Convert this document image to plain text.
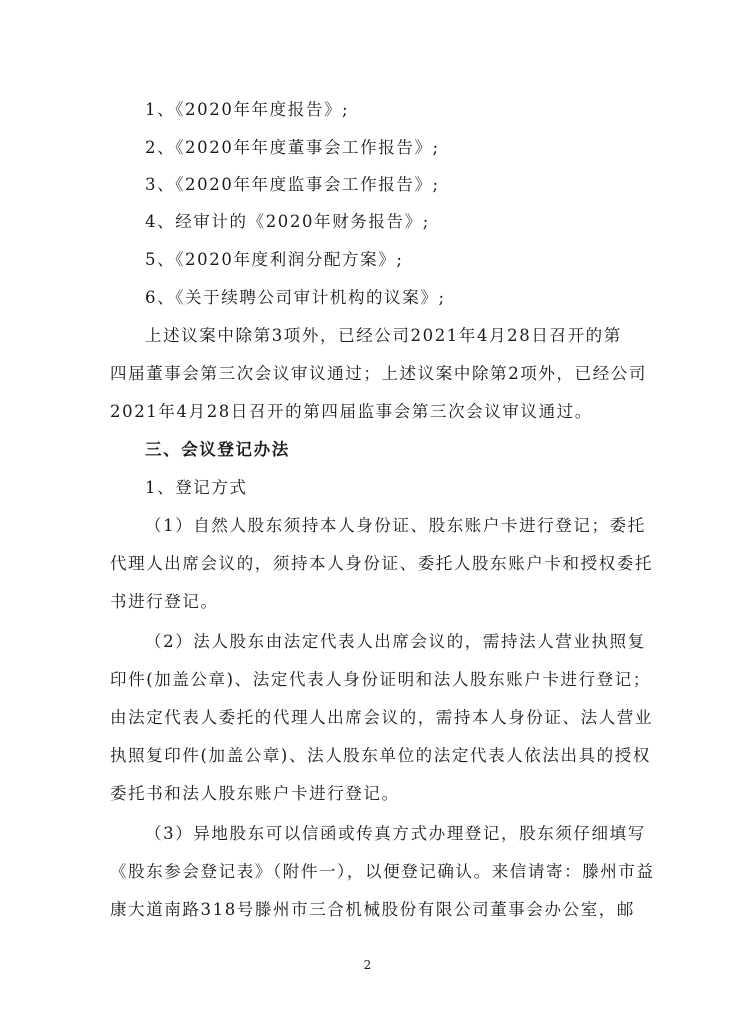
1、《2020年年度报告》;
2、《2020年年度董事会工作报告》;
3、《2020年年度监事会工作报告》;
4、经审计的《2020年财务报告》;
5、《2020年度利润分配方案》;
6、《关于续聘公司审计机构的议案》;
上述议案中除第3项外，已经公司2021年4月28日召开的第
四届董事会第三次会议审议通过；上述议案中除第2项外，已经公司
2021年4月28日召开的第四届监事会第三次会议审议通过。
三、会议登记办法
1、登记方式
（1）自然人股东须持本人身份证、股东账户卡进行登记；委托
代理人出席会议的，须持本人身份证、委托人股东账户卡和授权委托
书进行登记。
（2）法人股东由法定代表人出席会议的，需持法人营业执照复
印件(加盖公章)、法定代表人身份证明和法人股东账户卡进行登记；
由法定代表人委托的代理人出席会议的，需持本人身份证、法人营业
执照复印件(加盖公章)、法人股东单位的法定代表人依法出具的授权
委托书和法人股东账户卡进行登记。
（3）异地股东可以信函或传真方式办理登记，股东须仔细填写
《股东参会登记表》（附件一），以便登记确认。来信请寄：滕州市益
康大道南路318号滕州市三合机械股份有限公司董事会办公室，邮
2
